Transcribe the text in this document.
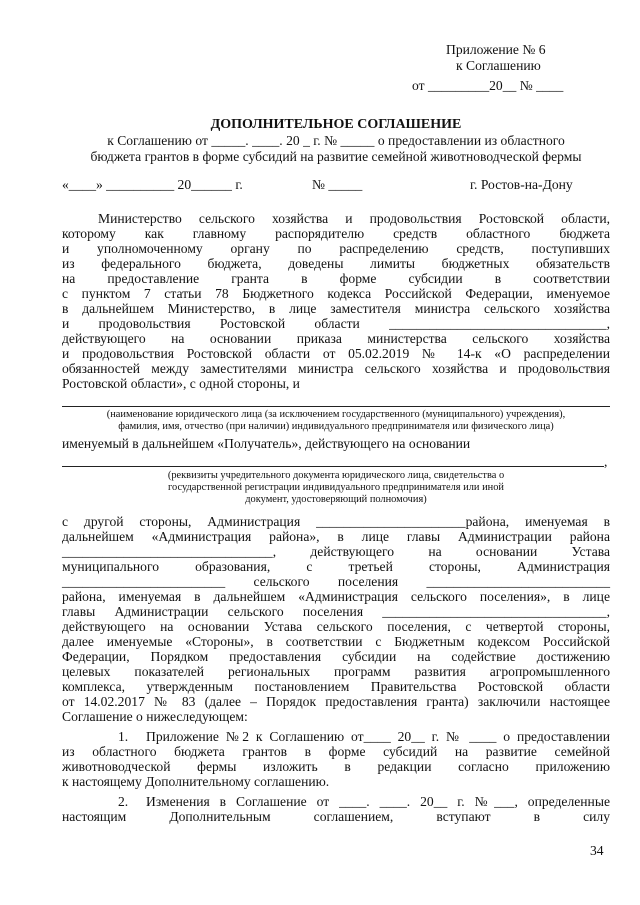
Приложение № 6
к Соглашению
от _________20__ № ____
ДОПОЛНИТЕЛЬНОЕ СОГЛАШЕНИЕ
к Соглашению от _____. ____. 20 _ г. № _____ о предоставлении из областного
бюджета грантов в форме субсидий на развитие семейной животноводческой фермы
«____» __________ 20______ г.	№ _____	г. Ростов-на-Дону
Министерство сельского хозяйства и продовольствия Ростовской области,
которому как главному распорядителю средств областного бюджета
и уполномоченному органу по распределению средств, поступивших
из федерального бюджета, доведены лимиты бюджетных обязательств
на предоставление гранта в форме субсидии в соответствии
с пунктом 7 статьи 78 Бюджетного кодекса Российской Федерации, именуемое
в дальнейшем Министерство, в лице заместителя министра сельского хозяйства
и продовольствия Ростовской области ________________________________,
действующего на основании приказа министерства сельского хозяйства
и продовольствия Ростовской области от 05.02.2019 № 14-к «О распределении
обязанностей между заместителями министра сельского хозяйства и продовольствия
Ростовской области», с одной стороны, и
(наименование юридического лица (за исключением государственного (муниципального) учреждения),
фамилия, имя, отчество (при наличии) индивидуального предпринимателя или физического лица)
именуемый в дальнейшем «Получатель», действующего на основании
,
(реквизиты учредительного документа юридического лица, свидетельства о
государственной регистрации индивидуального предпринимателя или иной
документ, удостоверяющий полномочия)
с другой стороны, Администрация ______________________района, именуемая в
дальнейшем «Администрация района», в лице главы Администрации района
_______________________________, действующего на основании Устава
муниципального образования, с третьей стороны, Администрация
________________________ сельского поселения ___________________________
района, именуемая в дальнейшем «Администрация сельского поселения», в лице
главы Администрации сельского поселения _________________________________,
действующего на основании Устава сельского поселения, с четвертой стороны,
далее именуемые «Стороны», в соответствии с Бюджетным кодексом Российской
Федерации, Порядком предоставления субсидии на содействие достижению
целевых показателей региональных программ развития агропромышленного
комплекса, утвержденным постановлением Правительства Ростовской области
от 14.02.2017 № 83 (далее – Порядок предоставления гранта) заключили настоящее
Соглашение о нижеследующем:
1. Приложение №2 к Соглашению от____ 20__ г. № ____ о предоставлении
из областного бюджета грантов в форме субсидий на развитие семейной
животноводческой фермы изложить в редакции согласно приложению
к настоящему Дополнительному соглашению.
2. Изменения в Соглашение от ____. ____. 20__ г. №___, определенные
настоящим Дополнительным соглашением, вступают в силу
34
